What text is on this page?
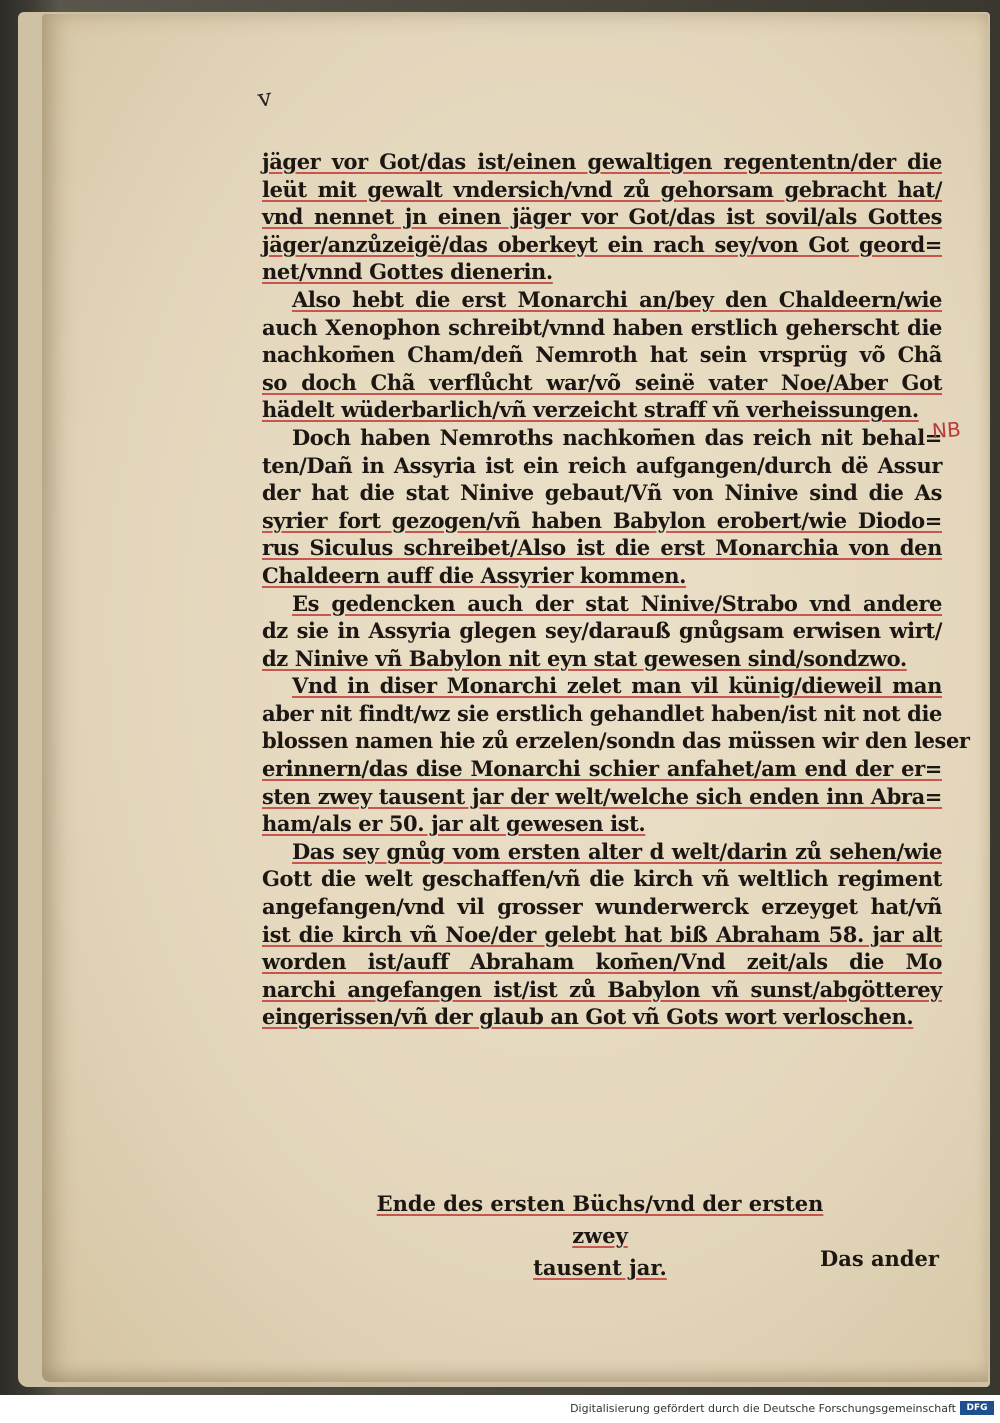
v
jäger vor Got/das ist/einen gewaltigen regententn/der die
leüt mit gewalt vndersich/vnd zů gehorsam gebracht hat/
vnd nennet jn einen jäger vor Got/das ist sovil/als Gottes
jäger/anzůzeigë/das oberkeyt ein rach sey/von Got geord=
net/vnnd Gottes dienerin.
Also hebt die erst Monarchi an/bey den Chaldeern/wie
auch Xenophon schreibt/vnnd haben erstlich geherscht die
nachkom̄en Cham/deñ Nemroth hat sein vrsprüg võ Chã
so doch Chã verflůcht war/võ seinë vater Noe/Aber Got
hädelt wüderbarlich/vñ verzeicht straff vñ verheissungen.
Doch haben Nemroths nachkom̄en das reich nit behal=
ten/Dañ in Assyria ist ein reich aufgangen/durch dë Assur
der hat die stat Ninive gebaut/Vñ von Ninive sind die As
syrier fort gezogen/vñ haben Babylon erobert/wie Diodo=
rus Siculus schreibet/Also ist die erst Monarchia von den
Chaldeern auff die Assyrier kommen.
Es gedencken auch der stat Ninive/Strabo vnd andere
dz sie in Assyria glegen sey/darauß gnůgsam erwisen wirt/
dz Ninive vñ Babylon nit eyn stat gewesen sind/sondzwo.
Vnd in diser Monarchi zelet man vil künig/dieweil man
aber nit findt/wz sie erstlich gehandlet haben/ist nit not die
blossen namen hie zů erzelen/sondn das müssen wir den leser
erinnern/das dise Monarchi schier anfahet/am end der er=
sten zwey tausent jar der welt/welche sich enden inn Abra=
ham/als er 50. jar alt gewesen ist.
Das sey gnůg vom ersten alter d welt/darin zů sehen/wie
Gott die welt geschaffen/vñ die kirch vñ weltlich regiment
angefangen/vnd vil grosser wunderwerck erzeyget hat/vñ
ist die kirch vñ Noe/der gelebt hat biß Abraham 58. jar alt
worden ist/auff Abraham kom̄en/Vnd zeit/als die Mo
narchi angefangen ist/ist zů Babylon vñ sunst/abgötterey
eingerissen/vñ der glaub an Got vñ Gots wort verloschen.
NB
Ende des ersten Büchs/vnd der ersten zwey
tausent jar.	Das ander
Digitalisierung gefördert durch die Deutsche Forschungsgemeinschaft	DFG
